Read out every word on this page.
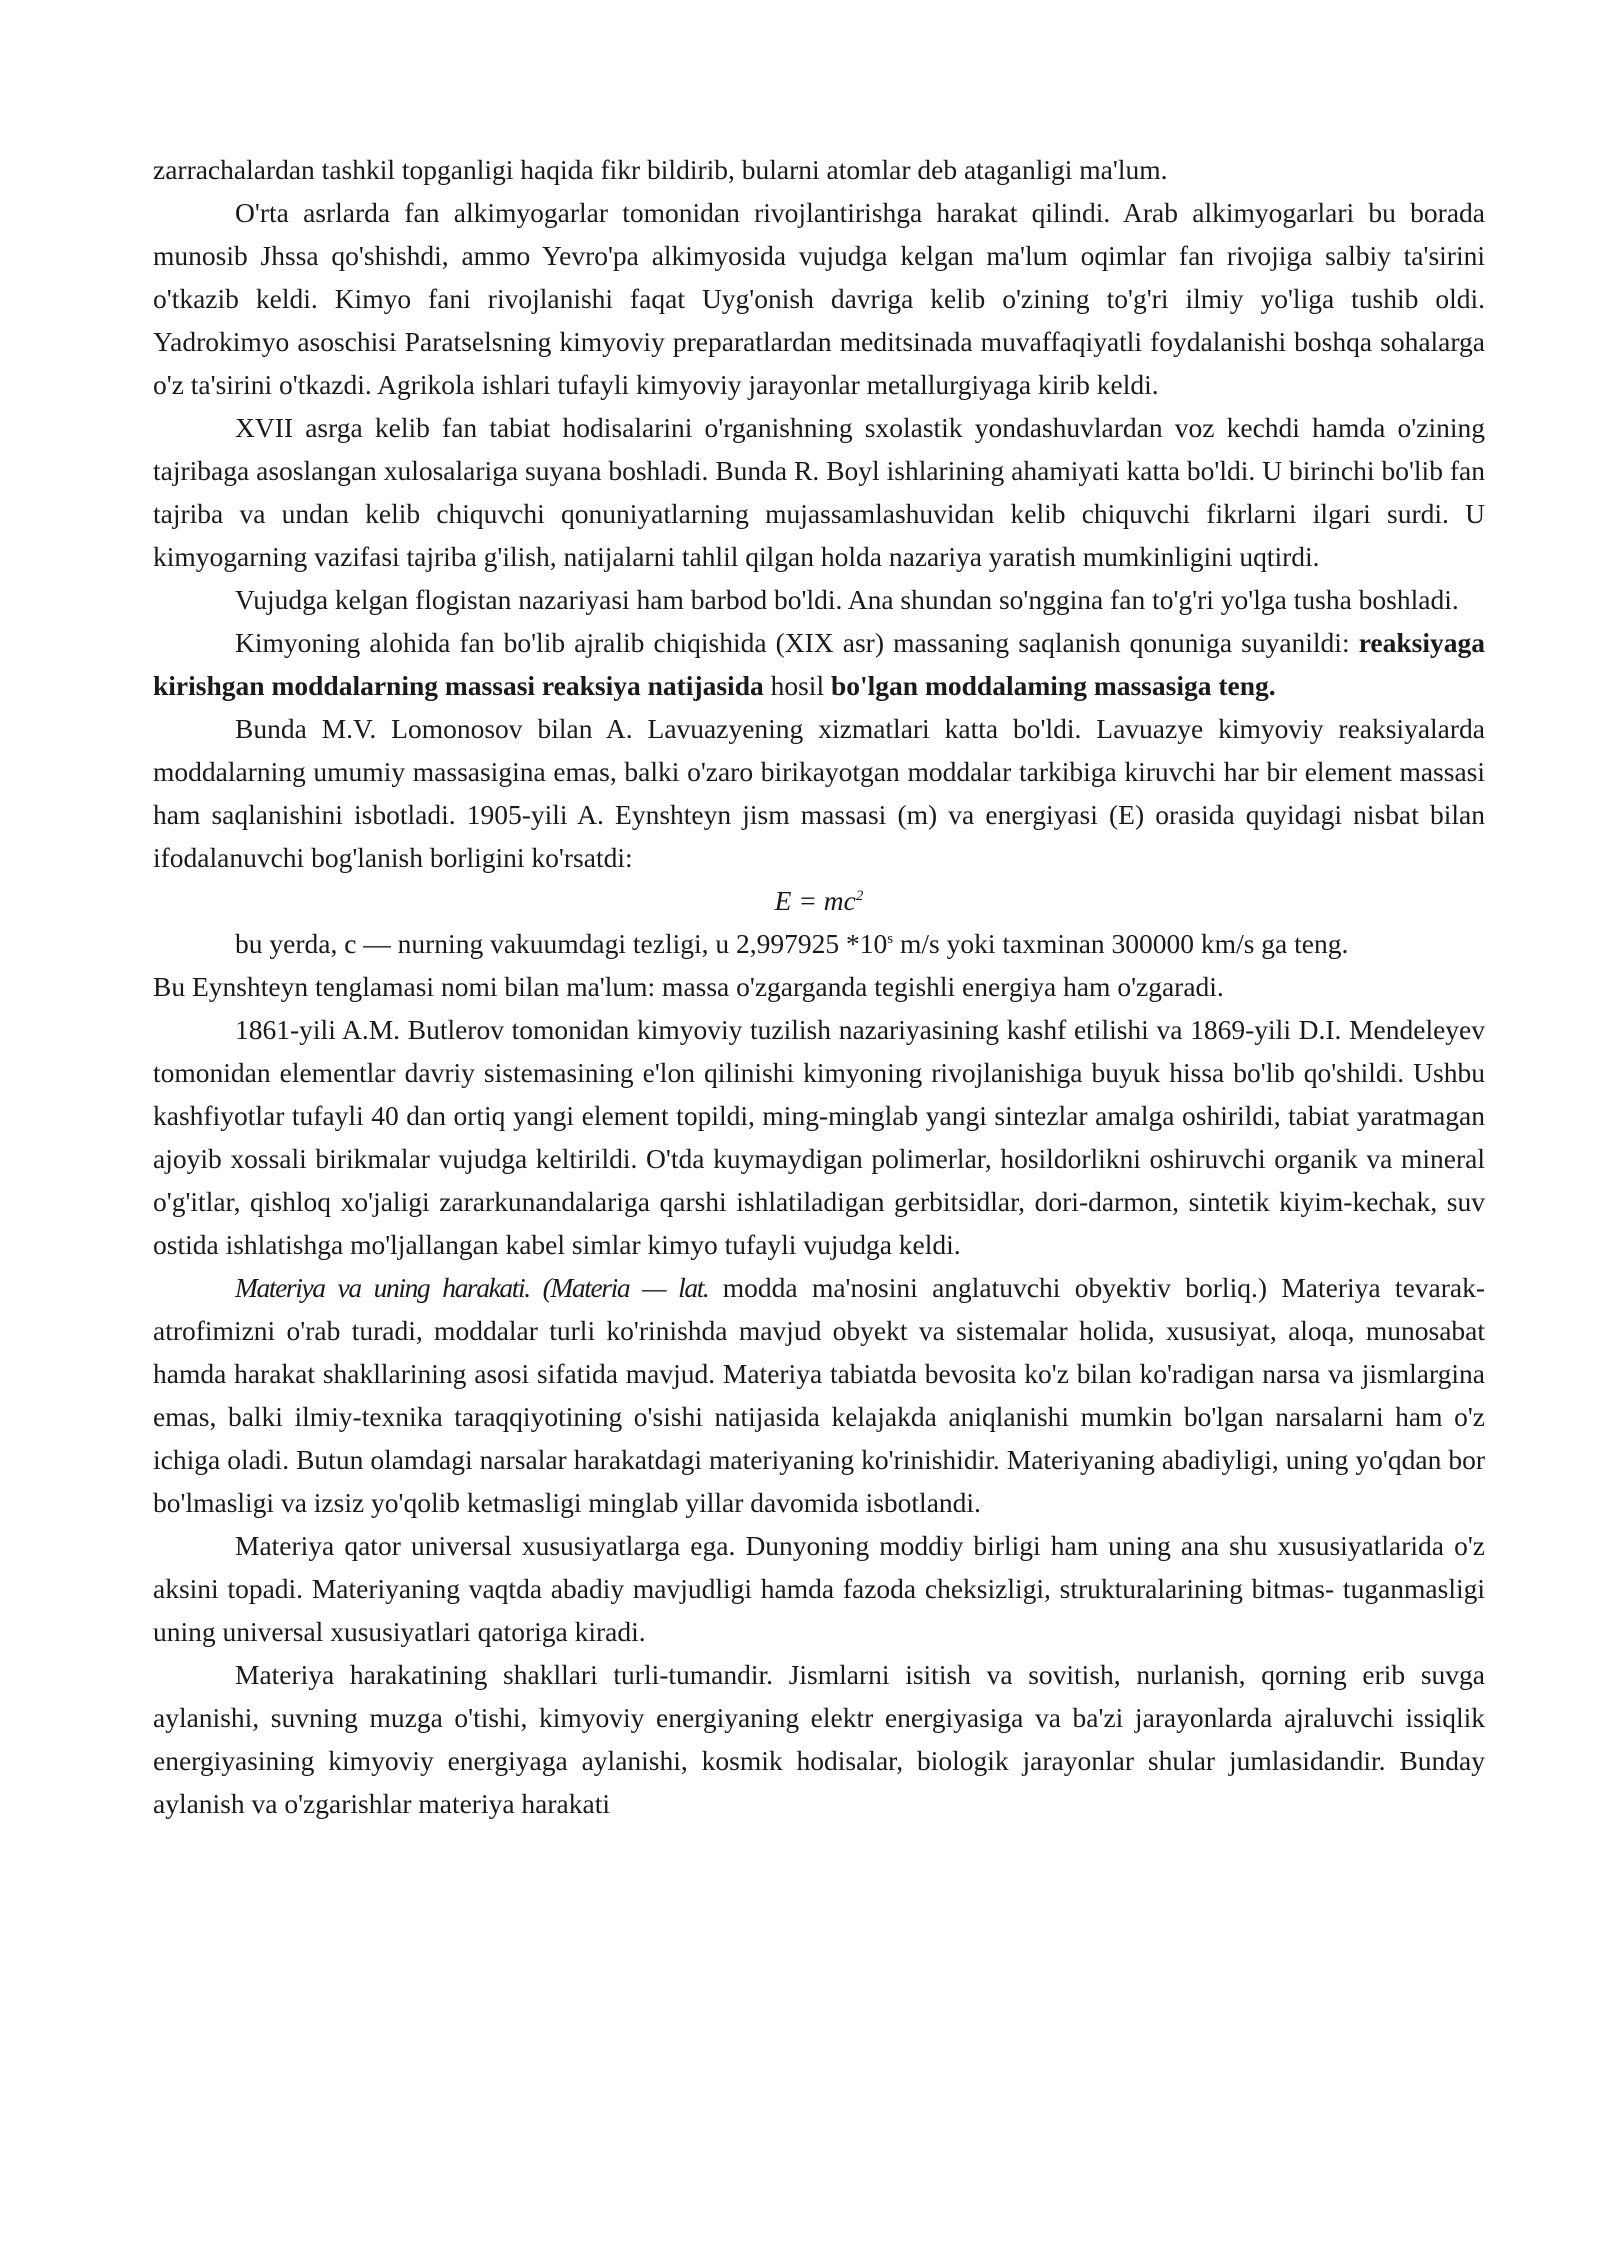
zarrachalardan tashkil topganligi haqida fikr bildirib, bularni atomlar deb ataganligi ma'lum.

O'rta asrlarda fan alkimyogarlar tomonidan rivojlantirishga harakat qilindi. Arab alkimyogarlari bu borada munosib Jhssa qo'shishdi, ammo Yevro'pa alkimyosida vujudga kelgan ma'lum oqimlar fan rivojiga salbiy ta'sirini o'tkazib keldi. Kimyo fani rivojlanishi faqat Uyg'onish davriga kelib o'zining to'g'ri ilmiy yo'liga tushib oldi. Yadrokimyo asoschisi Paratselsning kimyoviy preparatlardan meditsinada muvaffaqiyatli foydalanishi boshqa sohalarga o'z ta'sirini o'tkazdi. Agrikola ishlari tufayli kimyoviy jarayonlar metallurgiyaga kirib keldi.

XVII asrga kelib fan tabiat hodisalarini o'rganishning sxolastik yondashuvlardan voz kechdi hamda o'zining tajribaga asoslangan xulosalariga suyana boshladi. Bunda R. Boyl ishlarining ahamiyati katta bo'ldi. U birinchi bo'lib fan tajriba va undan kelib chiquvchi qonuniyatlarning mujassamlashuvidan kelib chiquvchi fikrlarni ilgari surdi. U kimyogarning vazifasi tajriba g'ilish, natijalarni tahlil qilgan holda nazariya yaratish mumkinligini uqtirdi.

Vujudga kelgan flogistan nazariyasi ham barbod bo'ldi. Ana shundan so'nggina fan to'g'ri yo'lga tusha boshladi.

Kimyoning alohida fan bo'lib ajralib chiqishida (XIX asr) massaning saqlanish qonuniga suyanildi: reaksiyaga kirishgan moddalarning massasi reaksiya natijasida hosil bo'lgan moddalaming massasiga teng.

Bunda M.V. Lomonosov bilan A. Lavuazyening xizmatlari katta bo'ldi. Lavuazye kimyoviy reaksiyalarda moddalarning umumiy massasigina emas, balki o'zaro birikayotgan moddalar tarkibiga kiruvchi har bir element massasi ham saqlanishini isbotladi. 1905-yili A. Eynshteyn jism massasi (m) va energiyasi (E) orasida quyidagi nisbat bilan ifodalanuvchi bog'lanish borligini ko'rsatdi:

$E = mc^2$

bu yerda, c — nurning vakuumdagi tezligi, u 2,997925 *10$^s$ m/s yoki taxminan 300000 km/s ga teng.

Bu Eynshteyn tenglamasi nomi bilan ma'lum: massa o'zgarganda tegishli energiya ham o'zgaradi.

1861-yili A.M. Butlerov tomonidan kimyoviy tuzilish nazariyasining kashf etilishi va 1869-yili D.I. Mendeleyev tomonidan elementlar davriy sistemasining e'lon qilinishi kimyoning rivojlanishiga buyuk hissa bo'lib qo'shildi. Ushbu kashfiyotlar tufayli 40 dan ortiq yangi element topildi, ming-minglab yangi sintezlar amalga oshirildi, tabiat yaratmagan ajoyib xossali birikmalar vujudga keltirildi. O'tda kuymaydigan polimerlar, hosildorlikni oshiruvchi organik va mineral o'g'itlar, qishloq xo'jaligi zararkunandalariga qarshi ishlatiladigan gerbitsidlar, dori-darmon, sintetik kiyim-kechak, suv ostida ishlatishga mo'ljallangan kabel simlar kimyo tufayli vujudga keldi.

Materiya va uning harakati. (Materia — lat. modda ma'nosini anglatuvchi obyektiv borliq.) Materiya tevarak-atrofimizni o'rab turadi, moddalar turli ko'rinishda mavjud obyekt va sistemalar holida, xususiyat, aloqa, munosabat hamda harakat shakllarining asosi sifatida mavjud. Materiya tabiatda bevosita ko'z bilan ko'radigan narsa va jismlargina emas, balki ilmiy-texnika taraqqiyotining o'sishi natijasida kelajakda aniqlanishi mumkin bo'lgan narsalarni ham o'z ichiga oladi. Butun olamdagi narsalar harakatdagi materiyaning ko'rinishidir. Materiyaning abadiyligi, uning yo'qdan bor bo'lmasligi va izsiz yo'qolib ketmasligi minglab yillar davomida isbotlandi.

Materiya qator universal xususiyatlarga ega. Dunyoning moddiy birligi ham uning ana shu xususiyatlarida o'z aksini topadi. Materiyaning vaqtda abadiy mavjudligi hamda fazoda cheksizligi, strukturalarining bitmas- tuganmasligi uning universal xususiyatlari qatoriga kiradi.

Materiya harakatining shakllari turli-tumandir. Jismlarni isitish va sovitish, nurlanish, qorning erib suvga aylanishi, suvning muzga o'tishi, kimyoviy energiyaning elektr energiyasiga va ba'zi jarayonlarda ajraluvchi issiqlik energiyasining kimyoviy energiyaga aylanishi, kosmik hodisalar, biologik jarayonlar shular jumlasidandir. Bunday aylanish va o'zgarishlar materiya harakati
